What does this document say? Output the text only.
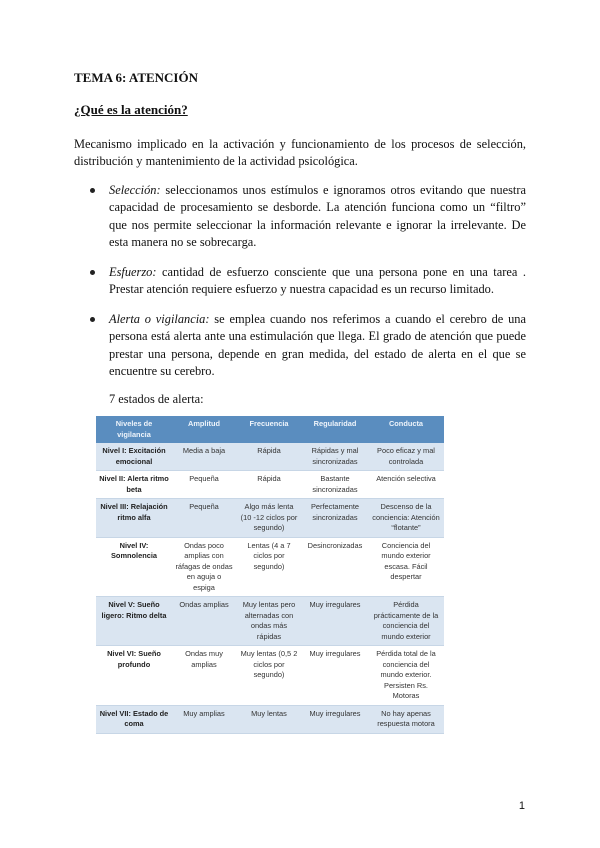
TEMA 6: ATENCIÓN
¿Qué es la atención?
Mecanismo implicado en la activación y funcionamiento de los procesos de selección, distribución y mantenimiento de la actividad psicológica.
Selección: seleccionamos unos estímulos e ignoramos otros evitando que nuestra capacidad de procesamiento se desborde. La atención funciona como un “filtro” que nos permite seleccionar la información relevante e ignorar la irrelevante. De esta manera no se sobrecarga.
Esfuerzo: cantidad de esfuerzo consciente que una persona pone en una tarea . Prestar atención requiere esfuerzo y nuestra capacidad es un recurso limitado.
Alerta o vigilancia: se emplea cuando nos referimos a cuando el cerebro de una persona está alerta ante una estimulación que llega. El grado de atención que puede prestar una persona, depende en gran medida, del estado de alerta en el que se encuentre su cerebro.
7 estados de alerta:
Niveles de vigilancia	Amplitud	Frecuencia	Regularidad	Conducta
Nivel I: Excitación emocional	Media a baja	Rápida	Rápidas y mal sincronizadas	Poco eficaz y mal controlada
Nivel II: Alerta ritmo beta	Pequeña	Rápida	Bastante sincronizadas	Atención selectiva
Nivel III: Relajación ritmo alfa	Pequeña	Algo más lenta (10 -12 ciclos por segundo)	Perfectamente sincronizadas	Descenso de la conciencia: Atención “flotante”
Nivel IV: Somnolencia	Ondas poco amplias con ráfagas de ondas en aguja o espiga	Lentas (4 a 7 ciclos por segundo)	Desincronizadas	Conciencia del mundo exterior escasa. Fácil despertar
Nivel V: Sueño ligero: Ritmo delta	Ondas amplias	Muy lentas pero alternadas con ondas más rápidas	Muy irregulares	Pérdida prácticamente de la conciencia del mundo exterior
Nivel VI: Sueño profundo	Ondas muy amplias	Muy lentas (0,5 2 ciclos por segundo)	Muy irregulares	Pérdida total de la conciencia del mundo exterior. Persisten Rs. Motoras
Nivel VII: Estado de coma	Muy amplias	Muy lentas	Muy irregulares	No hay apenas respuesta motora
1
